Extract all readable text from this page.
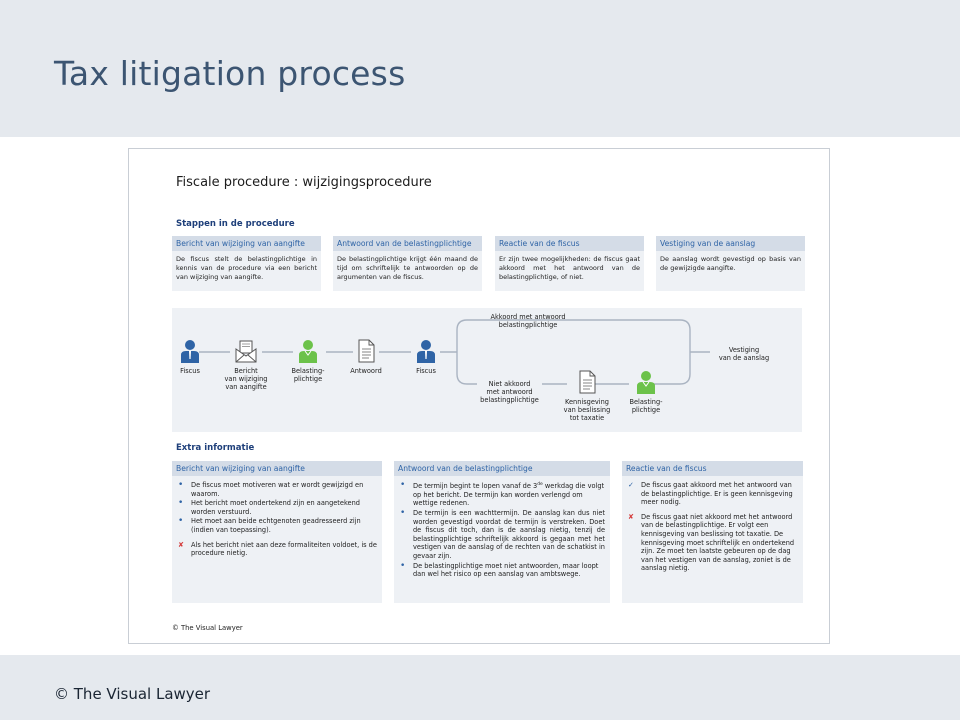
Tax litigation process
Fiscale procedure : wijzigingsprocedure
Stappen in de procedure
Bericht van wijziging van aangifte
De fiscus stelt de belastingplichtige in kennis van de procedure via een bericht van wijziging van aangifte.
Antwoord van de belastingplichtige
De belastingplichtige krijgt één maand de tijd om schriftelijk te antwoorden op de argumenten van de fiscus.
Reactie van de fiscus
Er zijn twee mogelijkheden: de fiscus gaat akkoord met het antwoord van de belastingplichtige, of niet.
Vestiging van de aanslag
De aanslag wordt gevestigd op basis van de gewijzigde aangifte.
Fiscus	Bericht
van wijziging
van aangifte
Belasting-
plichtige
Antwoord	Fiscus
Akkoord met antwoord
belastingplichtige
Niet akkoord
met antwoord
belastingplichtige	Kennisgeving
van beslissing
tot taxatie
Belasting-
plichtige
Vestiging
van de aanslag
Extra informatie
Bericht van wijziging van aangifte
• De fiscus moet motiveren wat er wordt gewijzigd en waarom.
• Het bericht moet ondertekend zijn en aangetekend worden verstuurd.
• Het moet aan beide echtgenoten geadresseerd zijn (indien van toepassing).
✘ Als het bericht niet aan deze formaliteiten voldoet, is de procedure nietig.
Antwoord van de belastingplichtige
• De termijn begint te lopen vanaf de 3de werkdag die volgt op het bericht. De termijn kan worden verlengd om wettige redenen.
• De termijn is een wachttermijn. De aanslag kan dus niet worden gevestigd voordat de termijn is verstreken. Doet de fiscus dit toch, dan is de aanslag nietig, tenzij de belastingplichtige schriftelijk akkoord is gegaan met het vestigen van de aanslag of de rechten van de schatkist in gevaar zijn.
• De belastingplichtige moet niet antwoorden, maar loopt dan wel het risico op een aanslag van ambtswege.
Reactie van de fiscus
✓ De fiscus gaat akkoord met het antwoord van de belastingplichtige. Er is geen kennisgeving meer nodig.
✘ De fiscus gaat niet akkoord met het antwoord van de belastingplichtige. Er volgt een kennisgeving van beslissing tot taxatie. De kennisgeving moet schriftelijk en ondertekend zijn. Ze moet ten laatste gebeuren op de dag van het vestigen van de aanslag, zoniet is de aanslag nietig.
© The Visual Lawyer
© The Visual Lawyer
